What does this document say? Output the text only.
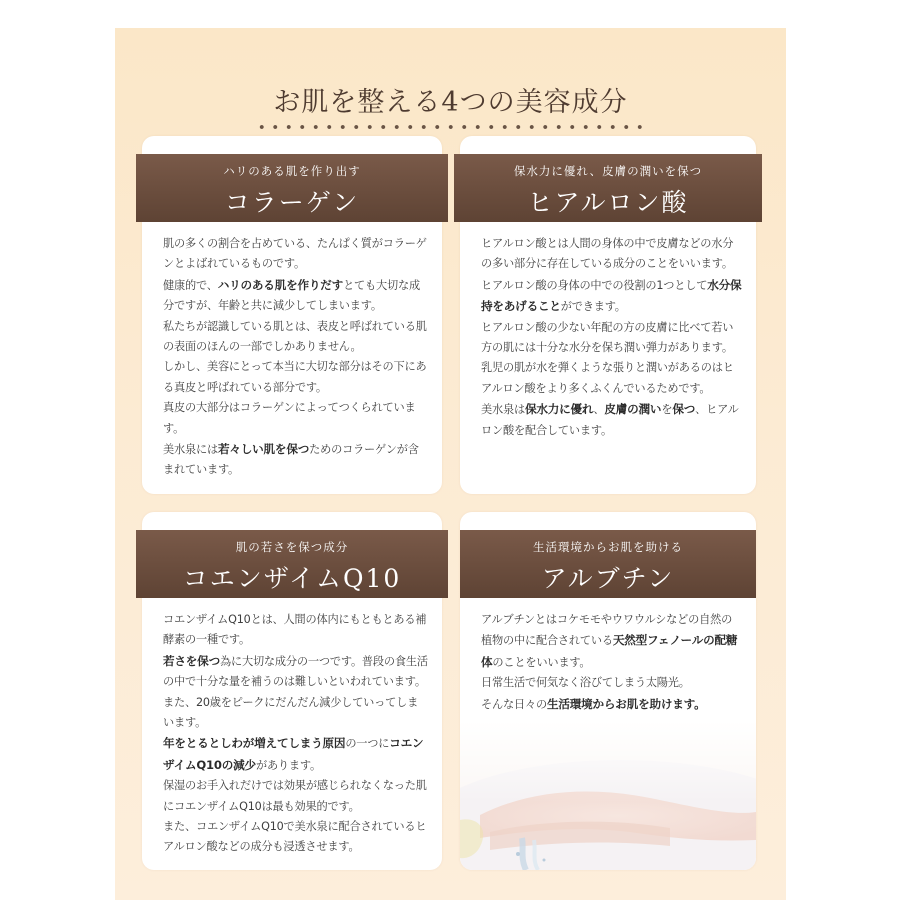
お肌を整える4つの美容成分
ハリのある肌を作り出す
コラーゲン

肌の多くの割合を占めている、たんぱく質がコラーゲンとよばれているものです。

健康的で、ハリのある肌を作りだすとても大切な成分ですが、年齢と共に減少してしまいます。

私たちが認識している肌とは、表皮と呼ばれている肌の表面のほんの一部でしかありません。

しかし、美容にとって本当に大切な部分はその下にある真皮と呼ばれている部分です。

真皮の大部分はコラーゲンによってつくられています。

美水泉には若々しい肌を保つためのコラーゲンが含まれています。

保水力に優れ、皮膚の潤いを保つ
ヒアルロン酸

ヒアルロン酸とは人間の身体の中で皮膚などの水分の多い部分に存在している成分のことをいいます。

ヒアルロン酸の身体の中での役割の1つとして水分保持をあげることができます。

ヒアルロン酸の少ない年配の方の皮膚に比べて若い方の肌には十分な水分を保ち潤い弾力があります。

乳児の肌が水を弾くような張りと潤いがあるのはヒアルロン酸をより多くふくんでいるためです。

美水泉は保水力に優れ、皮膚の潤いを保つ、ヒアルロン酸を配合しています。

肌の若さを保つ成分
コエンザイムQ10

コエンザイムQ10とは、人間の体内にもともとある補酵素の一種です。

若さを保つ為に大切な成分の一つです。普段の食生活の中で十分な量を補うのは難しいといわれています。また、20歳をピークにだんだん減少していってしまいます。

年をとるとしわが増えてしまう原因の一つにコエンザイムQ10の減少があります。

保湿のお手入れだけでは効果が感じられなくなった肌にコエンザイムQ10は最も効果的です。

また、コエンザイムQ10で美水泉に配合されているヒアルロン酸などの成分も浸透させます。

生活環境からお肌を助ける
アルブチン

アルブチンとはコケモモやウワウルシなどの自然の植物の中に配合されている天然型フェノールの配糖体のことをいいます。

日常生活で何気なく浴びてしまう太陽光。

そんな日々の生活環境からお肌を助けます。
